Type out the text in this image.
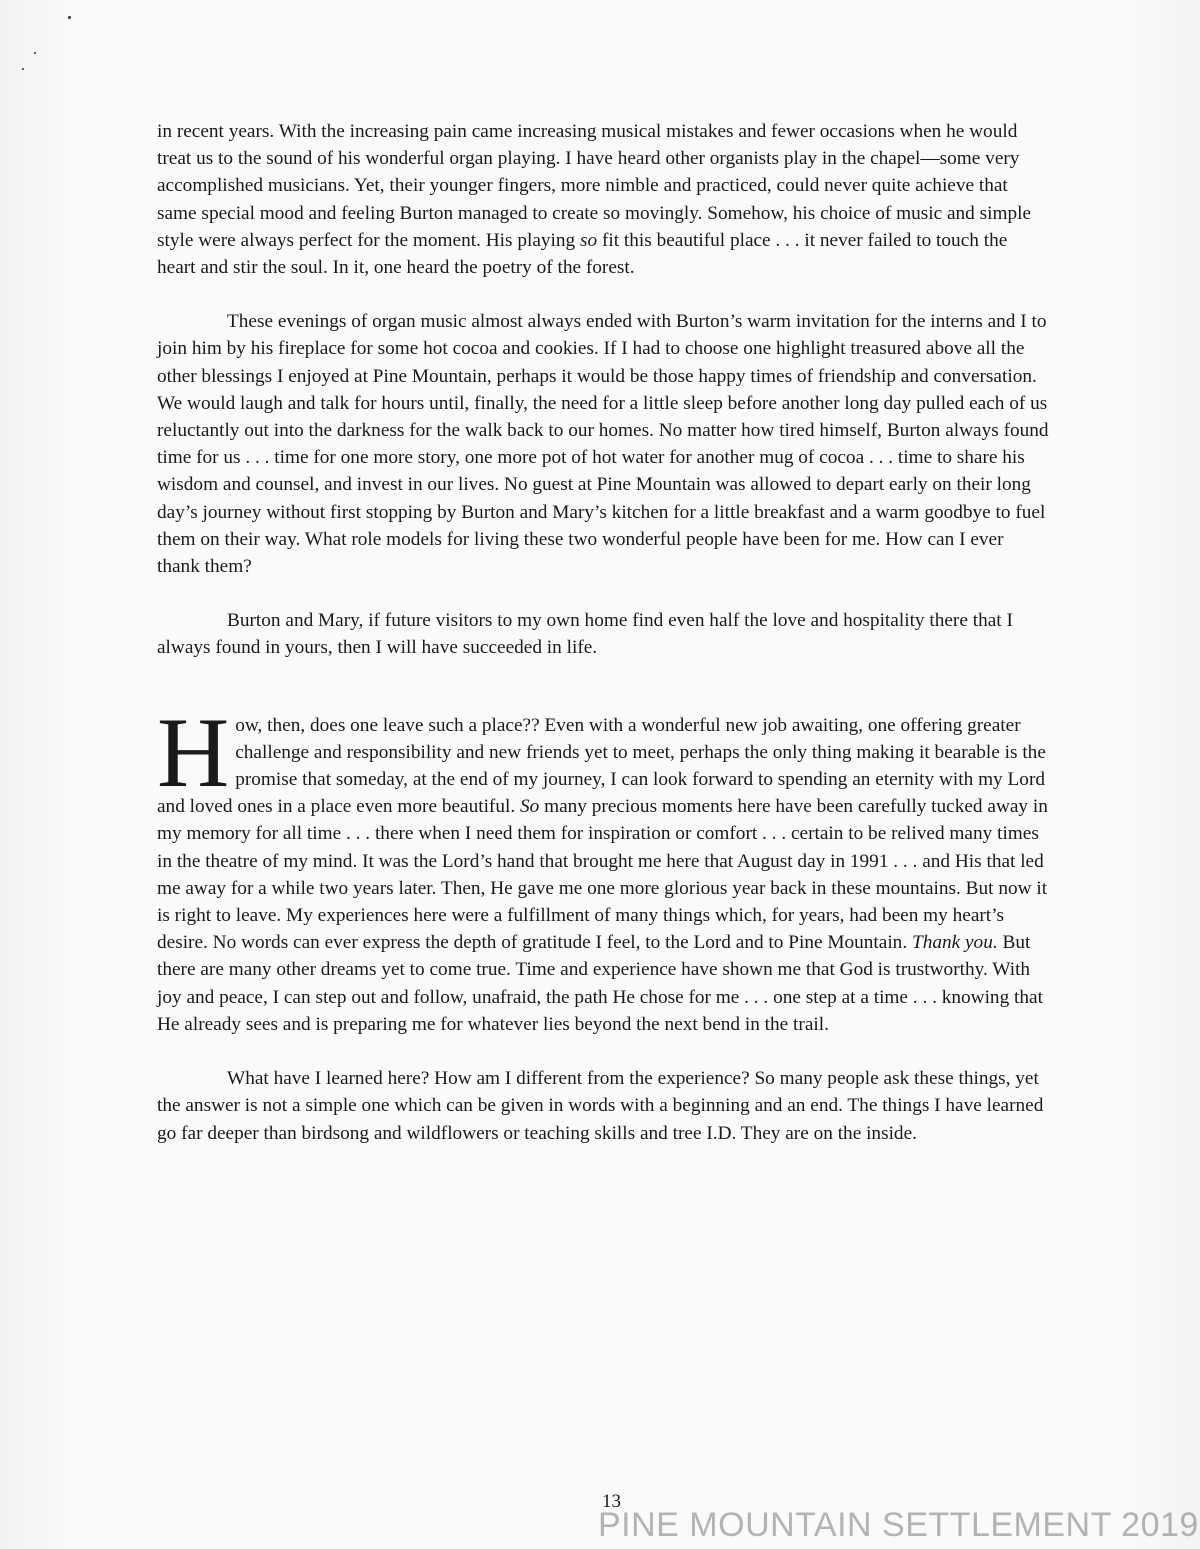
in recent years. With the increasing pain came increasing musical mistakes and fewer occasions when he would treat us to the sound of his wonderful organ playing. I have heard other organists play in the chapel—some very accomplished musicians. Yet, their younger fingers, more nimble and practiced, could never quite achieve that same special mood and feeling Burton managed to create so movingly. Somehow, his choice of music and simple style were always perfect for the moment. His playing so fit this beautiful place . . . it never failed to touch the heart and stir the soul. In it, one heard the poetry of the forest.

These evenings of organ music almost always ended with Burton’s warm invitation for the interns and I to join him by his fireplace for some hot cocoa and cookies. If I had to choose one highlight treasured above all the other blessings I enjoyed at Pine Mountain, perhaps it would be those happy times of friendship and conversation. We would laugh and talk for hours until, finally, the need for a little sleep before another long day pulled each of us reluctantly out into the darkness for the walk back to our homes. No matter how tired himself, Burton always found time for us . . . time for one more story, one more pot of hot water for another mug of cocoa . . . time to share his wisdom and counsel, and invest in our lives. No guest at Pine Mountain was allowed to depart early on their long day’s journey without first stopping by Burton and Mary’s kitchen for a little breakfast and a warm goodbye to fuel them on their way. What role models for living these two wonderful people have been for me. How can I ever thank them?

Burton and Mary, if future visitors to my own home find even half the love and hospitality there that I always found in yours, then I will have succeeded in life.

How, then, does one leave such a place?? Even with a wonderful new job awaiting, one offering greater challenge and responsibility and new friends yet to meet, perhaps the only thing making it bearable is the promise that someday, at the end of my journey, I can look forward to spending an eternity with my Lord and loved ones in a place even more beautiful. So many precious moments here have been carefully tucked away in my memory for all time . . . there when I need them for inspiration or comfort . . . certain to be relived many times in the theatre of my mind. It was the Lord’s hand that brought me here that August day in 1991 . . . and His that led me away for a while two years later. Then, He gave me one more glorious year back in these mountains. But now it is right to leave. My experiences here were a fulfillment of many things which, for years, had been my heart’s desire. No words can ever express the depth of gratitude I feel, to the Lord and to Pine Mountain. Thank you. But there are many other dreams yet to come true. Time and experience have shown me that God is trustworthy. With joy and peace, I can step out and follow, unafraid, the path He chose for me . . . one step at a time . . . knowing that He already sees and is preparing me for whatever lies beyond the next bend in the trail.

What have I learned here? How am I different from the experience? So many people ask these things, yet the answer is not a simple one which can be given in words with a beginning and an end. The things I have learned go far deeper than birdsong and wildflowers or teaching skills and tree I.D. They are on the inside.

13
PINE MOUNTAIN SETTLEMENT 2019
